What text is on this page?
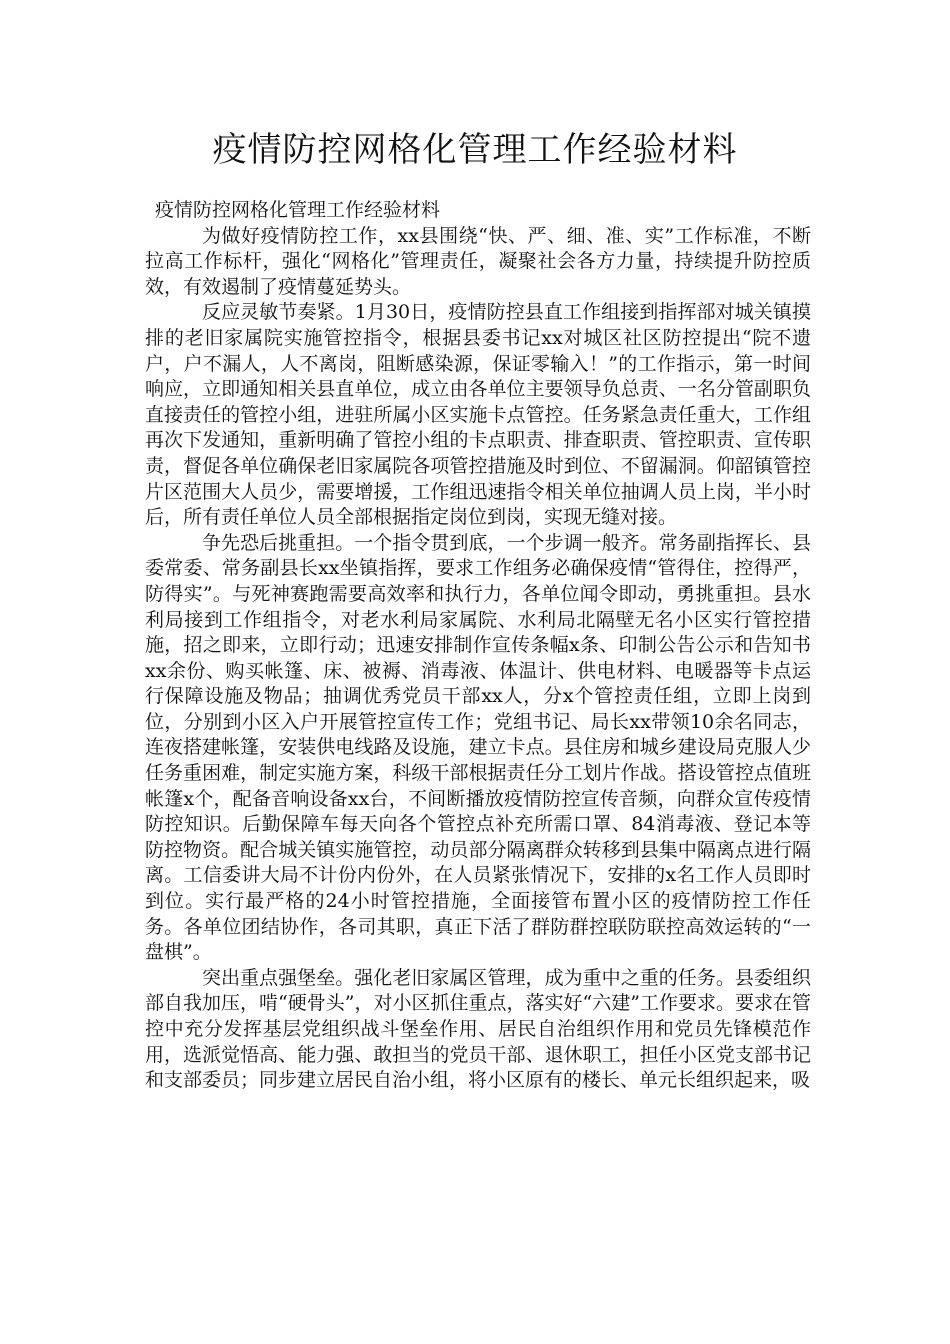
疫情防控网格化管理工作经验材料

疫情防控网格化管理工作经验材料

为做好疫情防控工作，xx县围绕“快、严、细、准、实”工作标准，不断拉高工作标杆，强化“网格化”管理责任，凝聚社会各方力量，持续提升防控质效，有效遏制了疫情蔓延势头。

反应灵敏节奏紧。1月30日，疫情防控县直工作组接到指挥部对城关镇摸排的老旧家属院实施管控指令，根据县委书记xx对城区社区防控提出“院不遗户，户不漏人，人不离岗，阻断感染源，保证零输入！”的工作指示，第一时间响应，立即通知相关县直单位，成立由各单位主要领导负总责、一名分管副职负直接责任的管控小组，进驻所属小区实施卡点管控。任务紧急责任重大，工作组再次下发通知，重新明确了管控小组的卡点职责、排查职责、管控职责、宣传职责，督促各单位确保老旧家属院各项管控措施及时到位、不留漏洞。仰韶镇管控片区范围大人员少，需要增援，工作组迅速指令相关单位抽调人员上岗，半小时后，所有责任单位人员全部根据指定岗位到岗，实现无缝对接。

争先恐后挑重担。一个指令贯到底，一个步调一般齐。常务副指挥长、县委常委、常务副县长xx坐镇指挥，要求工作组务必确保疫情“管得住，控得严，防得实”。与死神赛跑需要高效率和执行力，各单位闻令即动，勇挑重担。县水利局接到工作组指令，对老水利局家属院、水利局北隔壁无名小区实行管控措施，招之即来，立即行动；迅速安排制作宣传条幅x条、印制公告公示和告知书xx余份、购买帐篷、床、被褥、消毒液、体温计、供电材料、电暖器等卡点运行保障设施及物品；抽调优秀党员干部xx人，分x个管控责任组，立即上岗到位，分别到小区入户开展管控宣传工作；党组书记、局长xx带领10余名同志，连夜搭建帐篷，安装供电线路及设施，建立卡点。县住房和城乡建设局克服人少任务重困难，制定实施方案，科级干部根据责任分工划片作战。搭设管控点值班帐篷x个，配备音响设备xx台，不间断播放疫情防控宣传音频，向群众宣传疫情防控知识。后勤保障车每天向各个管控点补充所需口罩、84消毒液、登记本等防控物资。配合城关镇实施管控，动员部分隔离群众转移到县集中隔离点进行隔离。工信委讲大局不计份内份外，在人员紧张情况下，安排的x名工作人员即时到位。实行最严格的24小时管控措施，全面接管布置小区的疫情防控工作任务。各单位团结协作，各司其职，真正下活了群防群控联防联控高效运转的“一盘棋”。

突出重点强堡垒。强化老旧家属区管理，成为重中之重的任务。县委组织部自我加压，啃“硬骨头”，对小区抓住重点，落实好“六建”工作要求。要求在管控中充分发挥基层党组织战斗堡垒作用、居民自治组织作用和党员先锋模范作用，选派觉悟高、能力强、敢担当的党员干部、退休职工，担任小区党支部书记和支部委员；同步建立居民自治小组，将小区原有的楼长、单元长组织起来，吸
